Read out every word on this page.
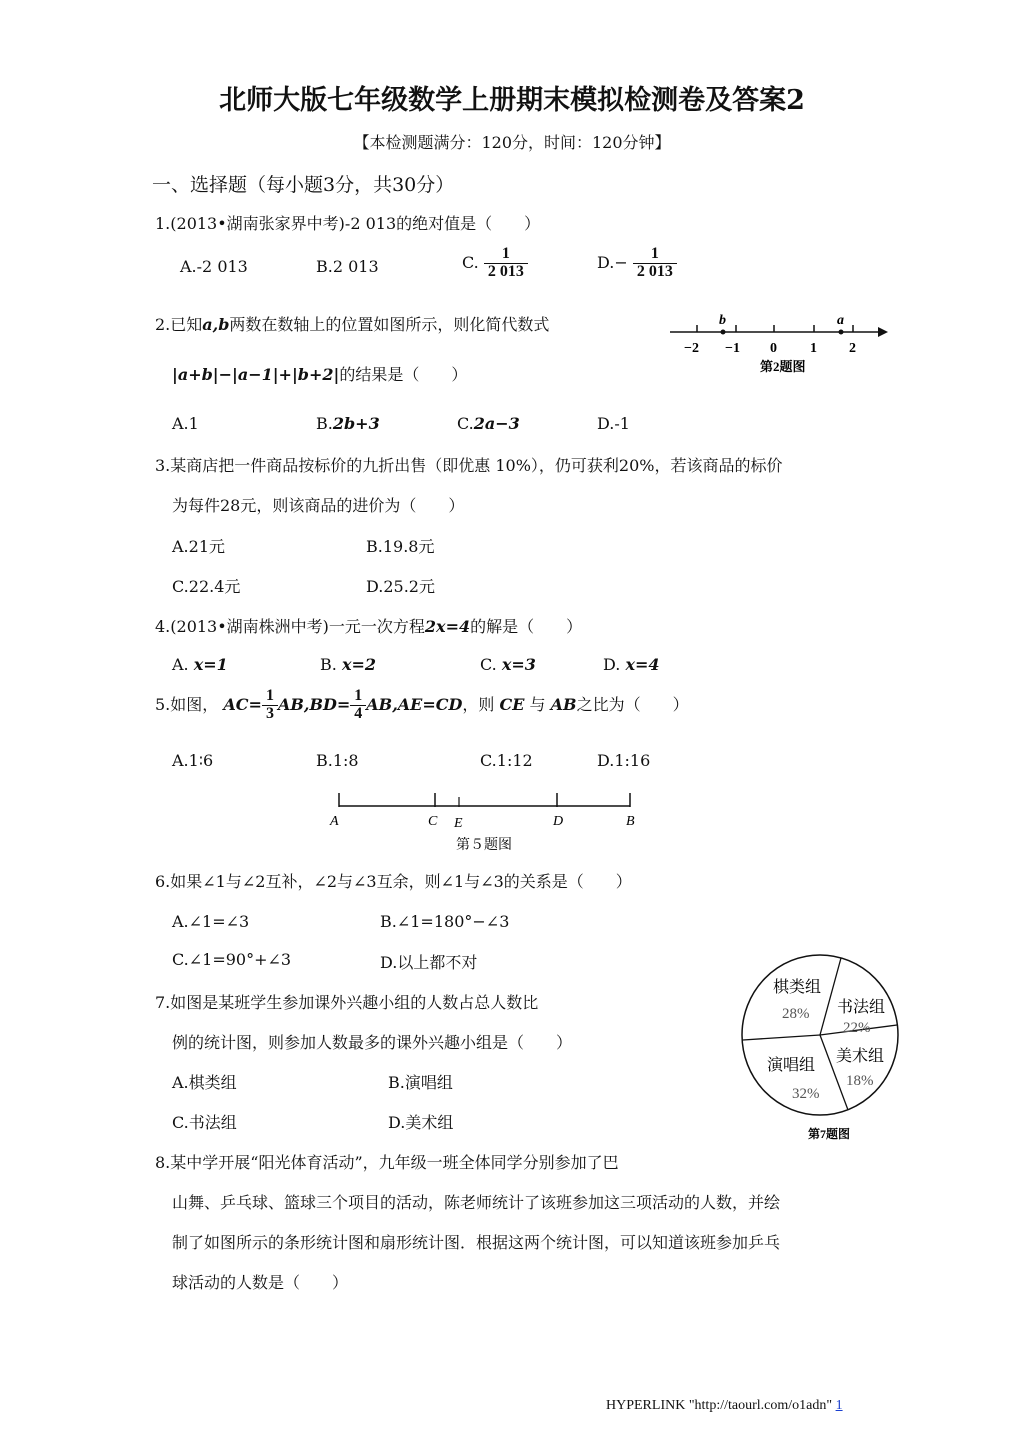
北师大版七年级数学上册期末模拟检测卷及答案2
【本检测题满分：120分，时间：120分钟】
一、选择题（每小题3分，共30分）
1.(2013•湖南张家界中考)-2 013的绝对值是（　　）
A.-2 013	B.2 013	C. $\frac{1}{2 013}$	$D.- \frac{1}{2 013}$
2.已知a,b两数在数轴上的位置如图所示，则化简代数式
|a+b|−|a−1|+|b+2|的结果是（　　）
b	a
−2 −1 0 1 2
第2题图
A.1	B.2b+3	C.2a−3	D.-1
3.某商店把一件商品按标价的九折出售（即优惠 10%），仍可获利20%，若该商品的标价
为每件28元，则该商品的进价为（　　）
A.21元	B.19.8元
C.22.4元	D.25.2元
4.(2013•湖南株洲中考)一元一次方程2x=4的解是（　　）
A. x=1	B. x=2	C. x=3	D. x=4
5.如图， $AC= \frac{1}{3} AB,BD= \frac{1}{4} AB,AE=CD$，则 CE 与 AB之比为（　　）
A.1∶6	B.1:8	C.1:12	D.1:16
A	C E	D	B
第５题图
6.如果∠1与∠2互补，∠2与∠3互余，则∠1与∠3的关系是（　　）
A.∠1=∠3	B.∠1=180°−∠3
C.∠1=90°+∠3	D.以上都不对
7.如图是某班学生参加课外兴趣小组的人数占总人数比
例的统计图，则参加人数最多的课外兴趣小组是（　　）
A.棋类组	B.演唱组
C.书法组	D.美术组
棋类组
28% 书法组
22%
美术组
18%
演唱组
32%
第7题图
8.某中学开展“阳光体育活动”，九年级一班全体同学分别参加了巴
山舞、乒乓球、篮球三个项目的活动，陈老师统计了该班参加这三项活动的人数，并绘
制了如图所示的条形统计图和扇形统计图．根据这两个统计图，可以知道该班参加乒乓
球活动的人数是（　　）
HYPERLINK "http://taourl.com/o1adn" 1
